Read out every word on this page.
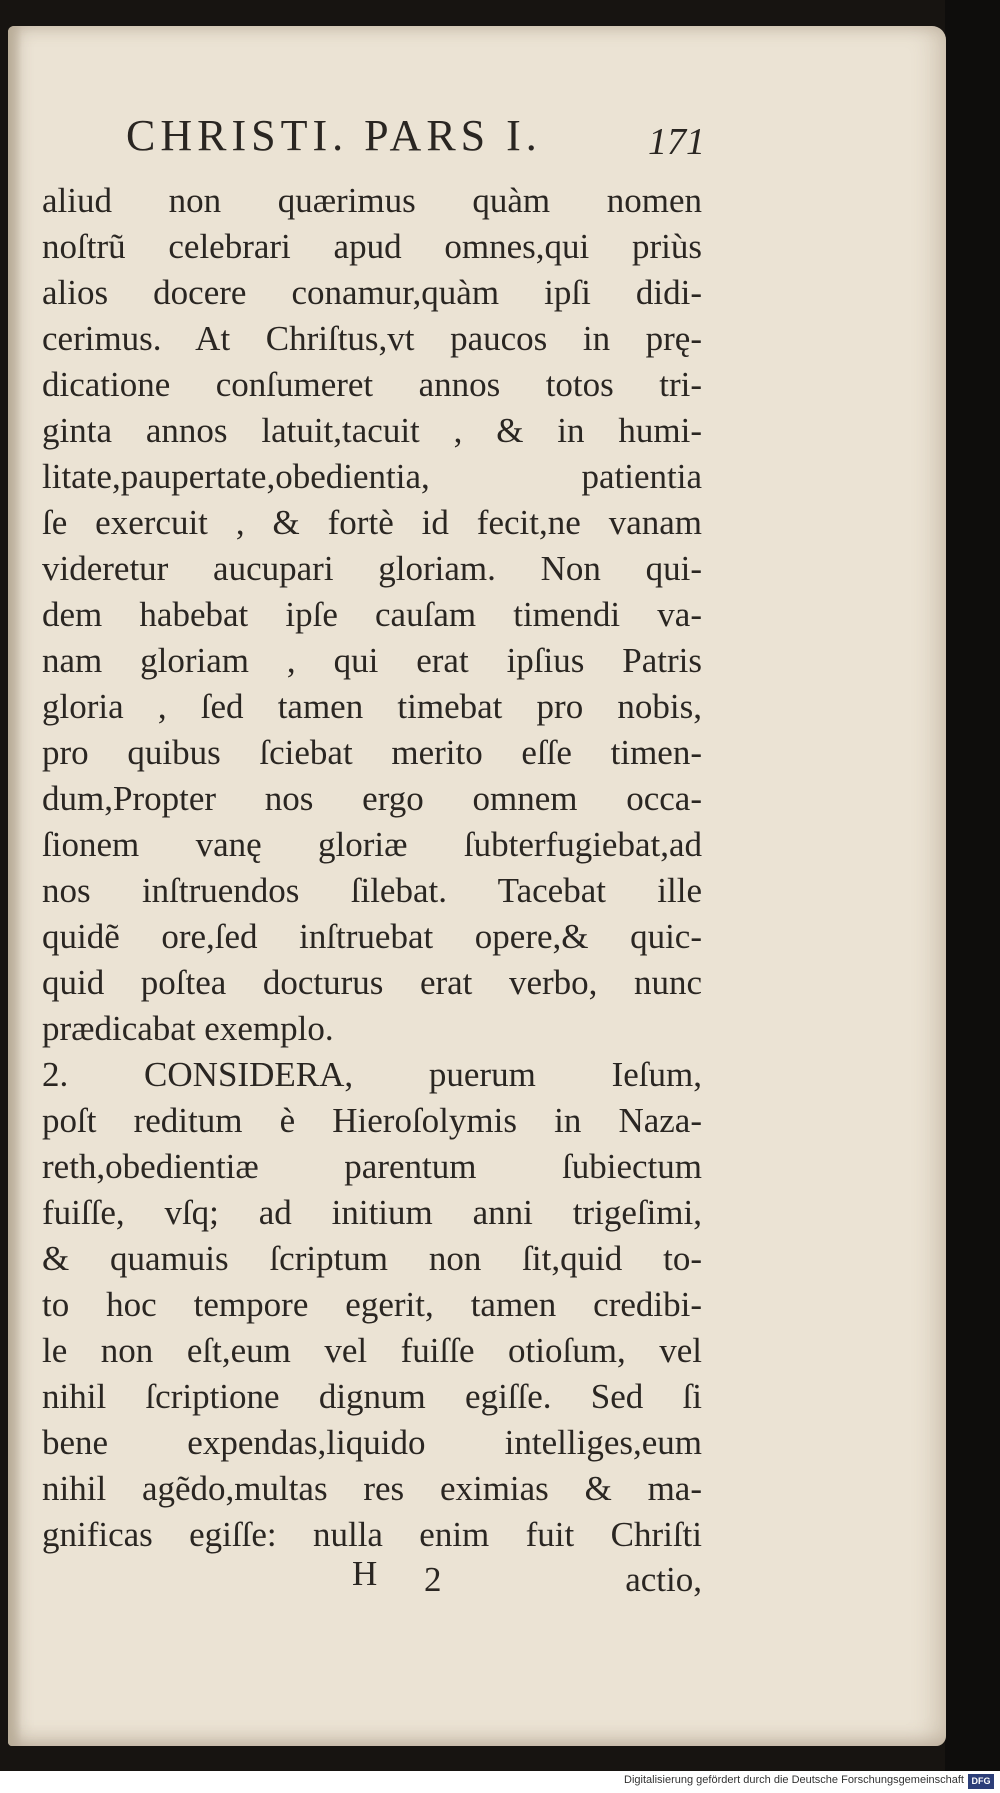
CHRISTI. PARS I.	171
aliud non quærimus quàm nomen
noſtrũ celebrari apud omnes,qui priùs
alios docere conamur,quàm ipſi didi-
cerimus. At Chriſtus,vt paucos in prę-
dicatione conſumeret annos totos tri-
ginta annos latuit,tacuit , & in humi-
litate,paupertate,obedientia, patientia
ſe exercuit , & fortè id fecit,ne vanam
videretur aucupari gloriam. Non qui-
dem habebat ipſe cauſam timendi va-
nam gloriam , qui erat ipſius Patris
gloria , ſed tamen timebat pro nobis,
pro quibus ſciebat merito eſſe timen-
dum,Propter nos ergo omnem occa-
ſionem vanę gloriæ ſubterfugiebat,ad
nos inſtruendos ſilebat. Tacebat ille
quidẽ ore,ſed inſtruebat opere,& quic-
quid poſtea docturus erat verbo, nunc
prædicabat exemplo.
2. CONSIDERA, puerum Ieſum,
poſt reditum è Hieroſolymis in Naza-
reth,obedientiæ parentum ſubiectum
fuiſſe, vſq; ad initium anni trigeſimi,
& quamuis ſcriptum non ſit,quid to-
to hoc tempore egerit, tamen credibi-
le non eſt,eum vel fuiſſe otioſum, vel
nihil ſcriptione dignum egiſſe. Sed ſi
bene expendas,liquido intelliges,eum
nihil agẽdo,multas res eximias & ma-
gnificas egiſſe: nulla enim fuit Chriſti
H 2	actio,
Digitalisierung gefördert durch die Deutsche Forschungsgemeinschaft DFG
